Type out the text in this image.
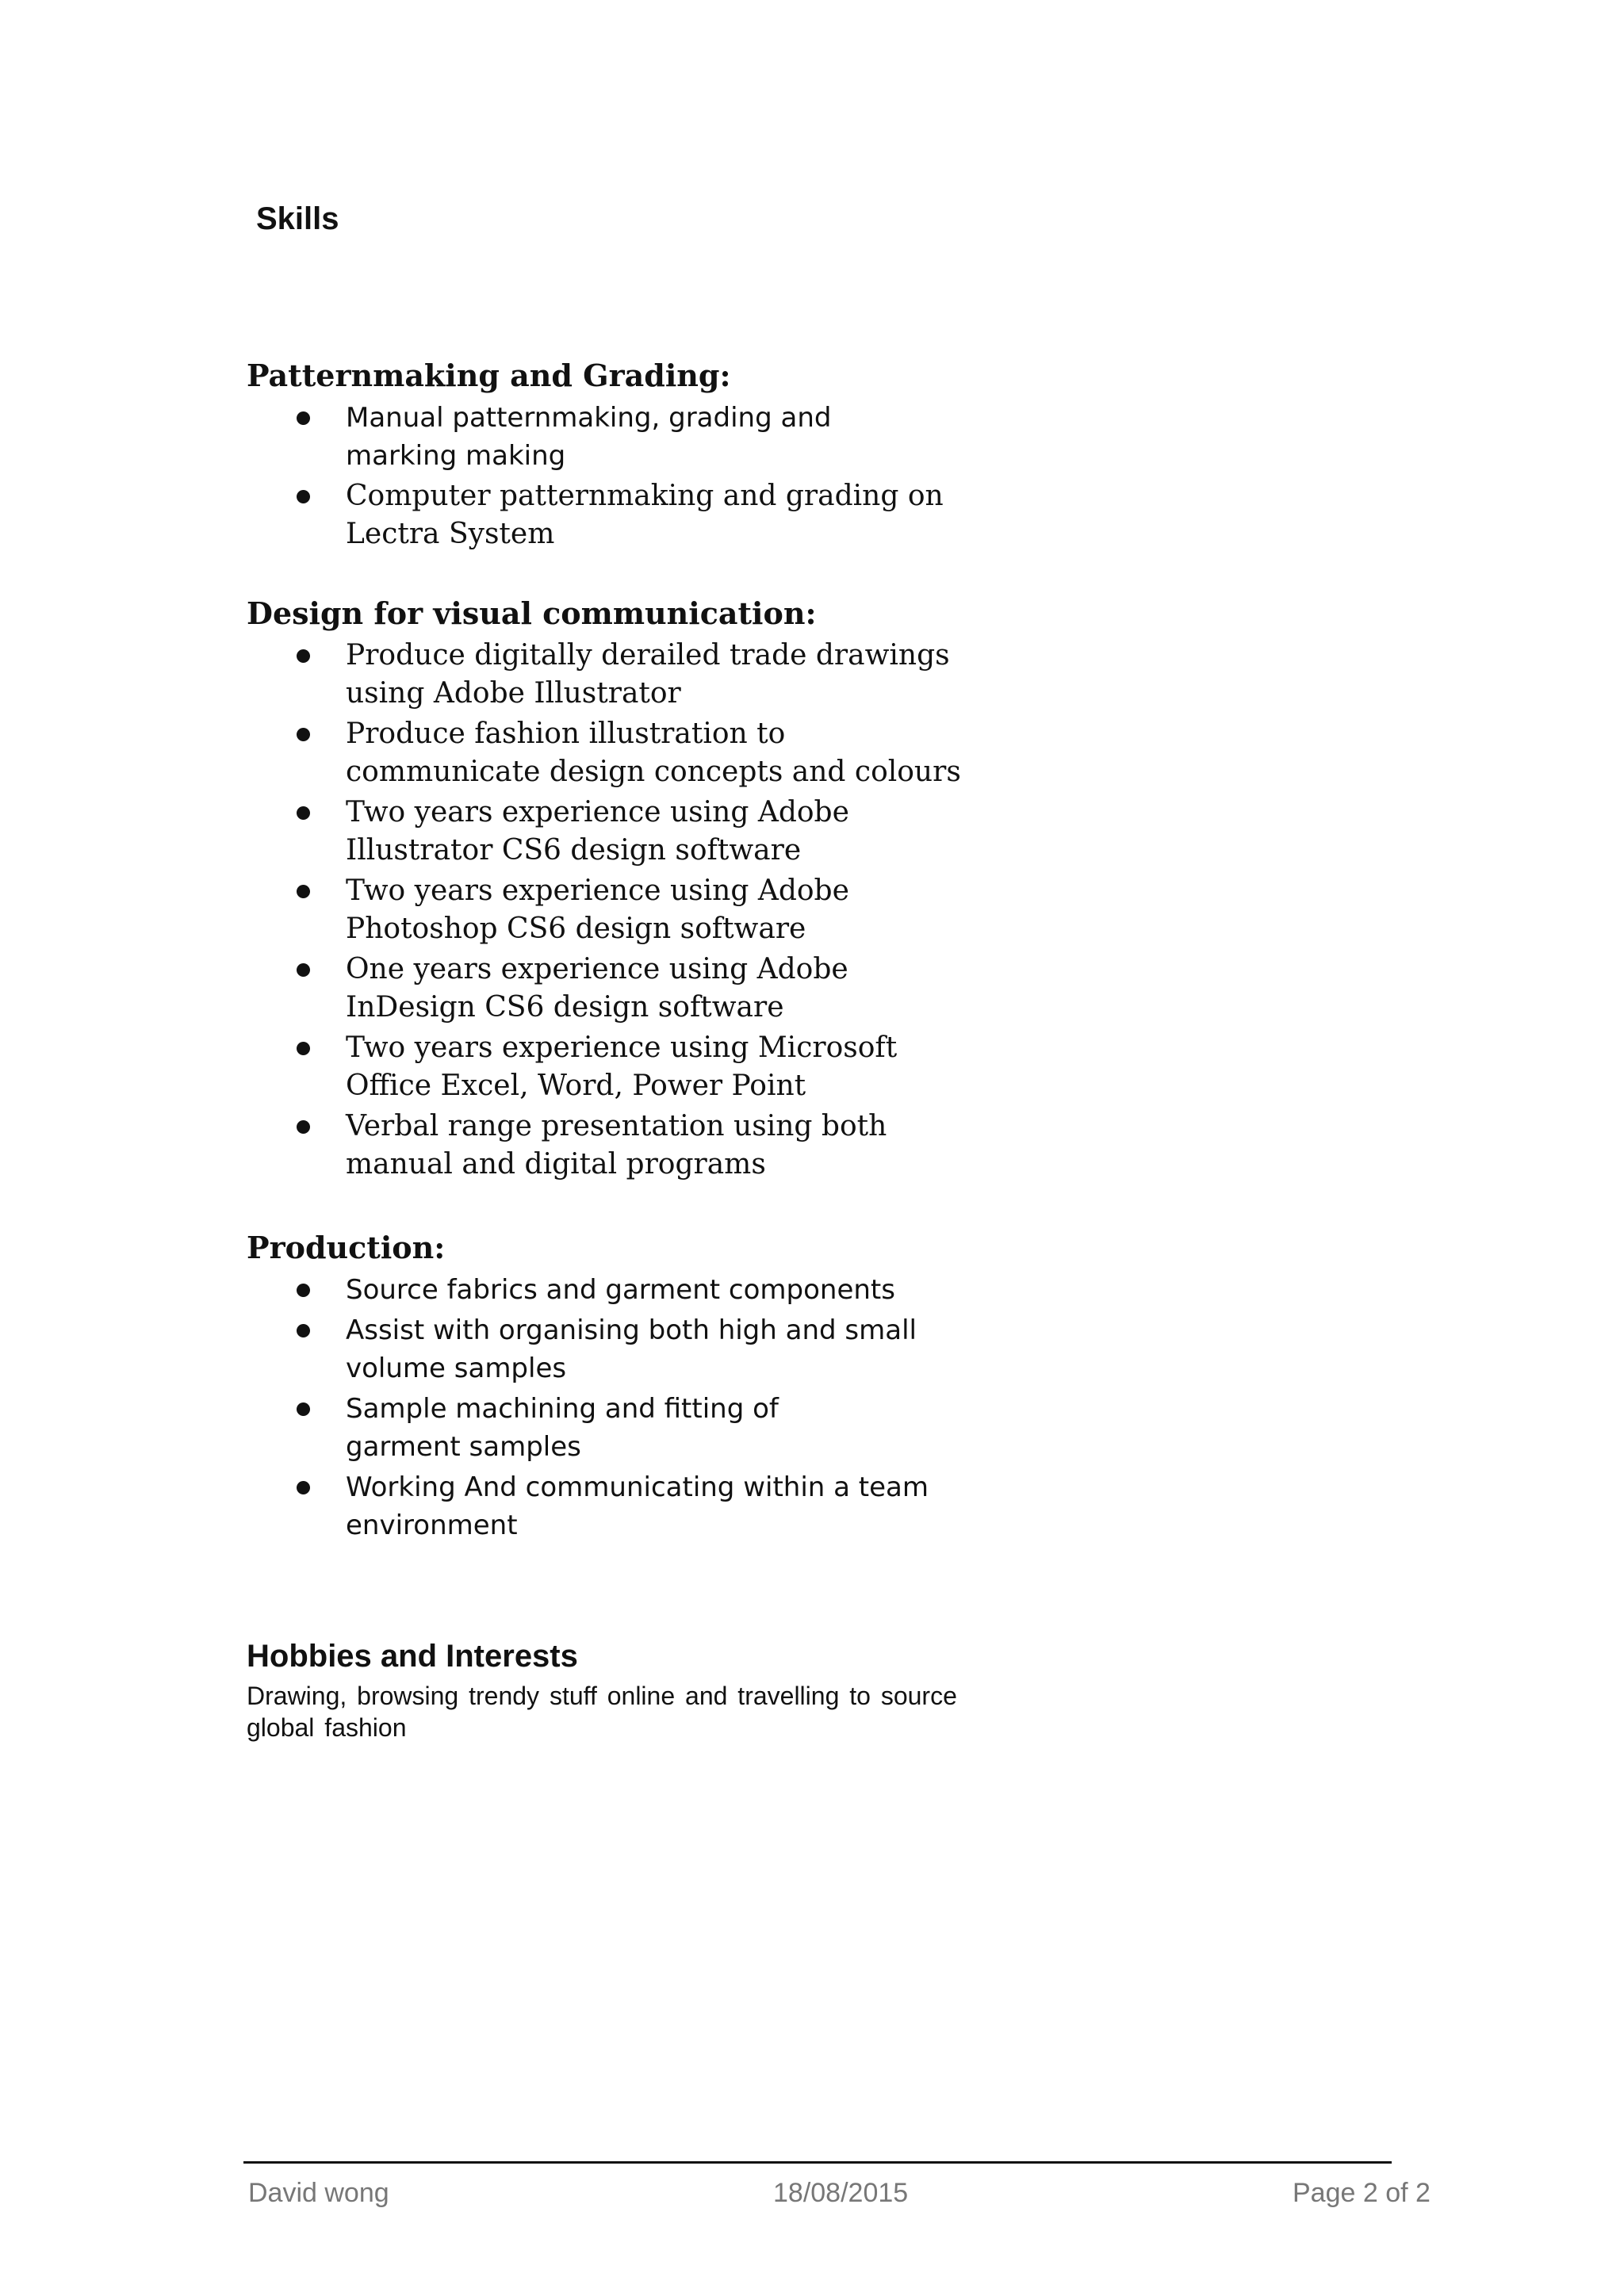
Skills

Patternmaking and Grading:

Manual patternmaking, grading and marking making
Computer patternmaking and grading on Lectra System

Design for visual communication:

Produce digitally derailed trade drawings using Adobe Illustrator
Produce fashion illustration to communicate design concepts and colours
Two years experience using Adobe Illustrator CS6 design software
Two years experience using Adobe Photoshop CS6 design software
One years experience using Adobe InDesign CS6 design software
Two years experience using Microsoft Office Excel, Word, Power Point
Verbal range presentation using both manual and digital programs

Production:

Source fabrics and garment components
Assist with organising both high and small volume samples
Sample machining and fitting of garment samples
Working And communicating within a team environment

Hobbies and Interests

Drawing, browsing trendy stuff online and travelling to source global fashion
David wong	18/08/2015	Page 2 of 2
